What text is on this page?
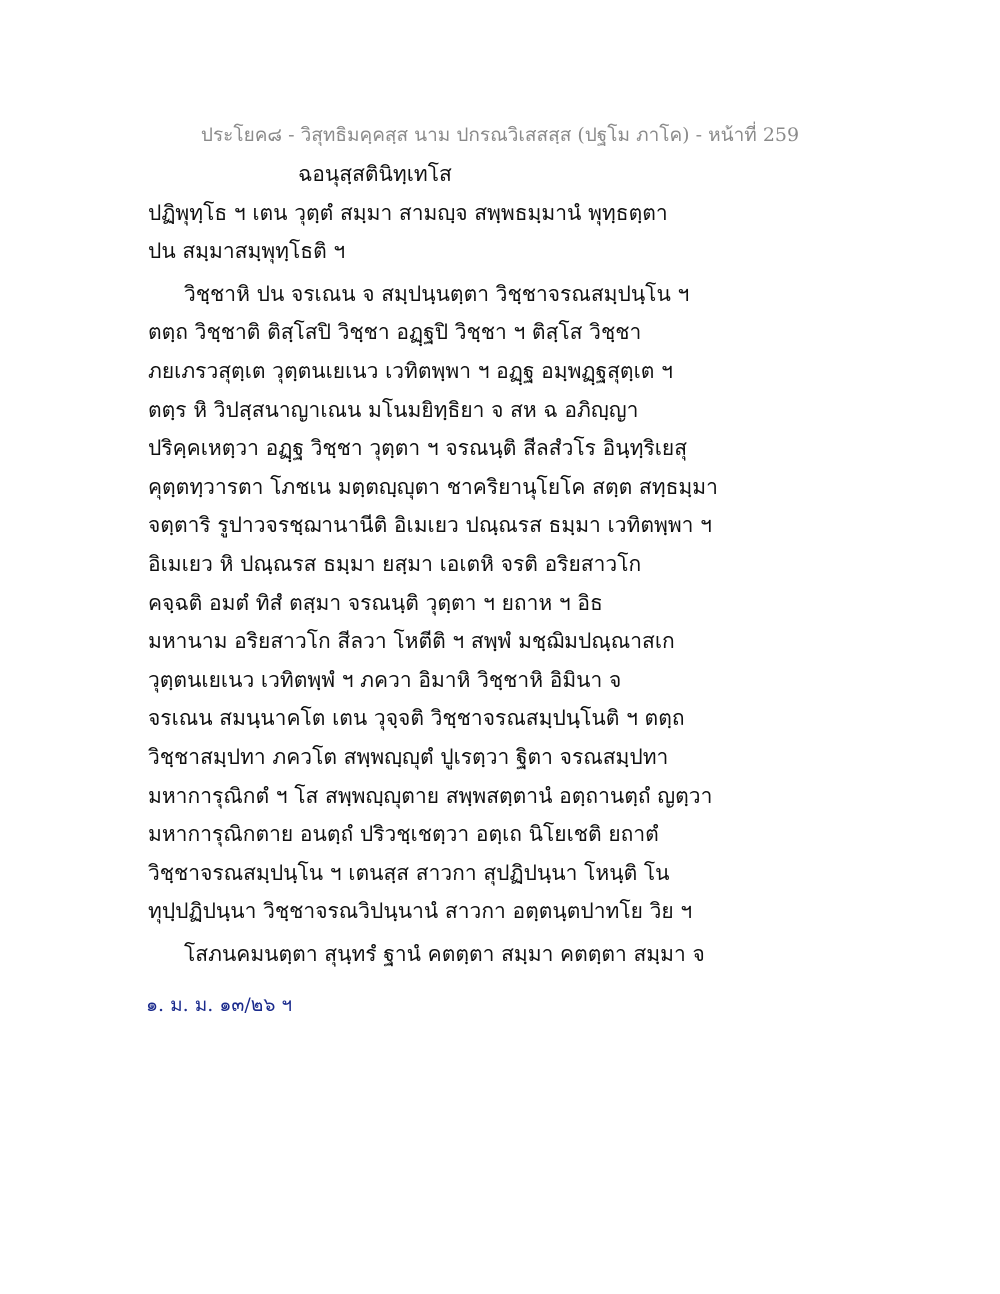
ประโยค๘ - วิสุทธิมคฺคสฺส นาม ปกรณวิเสสสฺส (ปฐโม ภาโค) - หน้าที่ 259
ฉอนุสฺสตินิทฺเทโส
ปฏิพุทฺโธ ฯ เตน วุตฺตํ สมฺมา สามญฺจ สพฺพธมฺมานํ พุทฺธตฺตา
ปน สมฺมาสมฺพุทฺโธติ ฯ
วิชฺชาหิ ปน จรเณน จ สมฺปนฺนตฺตา วิชฺชาจรณสมฺปนฺโน ฯ
ตตฺถ วิชฺชาติ ติสฺโสปิ วิชฺชา อฏฺฐปิ วิชฺชา ฯ ติสฺโส วิชฺชา
ภยเภรวสุตฺเต วุตฺตนเยเนว เวทิตพฺพา ฯ อฏฺฐ อมฺพฏฺฐสุตฺเต ฯ
ตตฺร หิ วิปสฺสนาญาเณน มโนมยิทฺธิยา จ สห ฉ อภิญฺญา
ปริคฺคเหตฺวา อฏฺฐ วิชฺชา วุตฺตา ฯ จรณนฺติ สีลสํวโร อินฺทฺริเยสุ
คุตฺตทฺวารตา โภชเน มตฺตญฺญุตา ชาคริยานุโยโค สตฺต สทฺธมฺมา
จตฺตาริ รูปาวจรชฺฌานานีติ อิเมเยว ปณฺณรส ธมฺมา เวทิตพฺพา ฯ
อิเมเยว หิ ปณฺณรส ธมฺมา ยสฺมา เอเตหิ จรติ อริยสาวโก
คจฺฉติ อมตํ ทิสํ ตสฺมา จรณนฺติ วุตฺตา ฯ ยถาห ฯ อิธ
มหานาม อริยสาวโก สีลวา โหตีติ ฯ สพฺพํ มชฺฌิมปณฺณาสเก
วุตฺตนเยเนว เวทิตพฺพํ ฯ ภควา อิมาหิ วิชฺชาหิ อิมินา จ
จรเณน สมนฺนาคโต เตน วุจฺจติ วิชฺชาจรณสมฺปนฺโนติ ฯ ตตฺถ
วิชฺชาสมฺปทา ภควโต สพฺพญฺญุตํ ปูเรตฺวา ฐิตา จรณสมฺปทา
มหาการุณิกตํ ฯ โส สพฺพญฺญุตาย สพฺพสตฺตานํ อตฺถานตฺถํ ญตฺวา
มหาการุณิกตาย อนตฺถํ ปริวชฺเชตฺวา อตฺเถ นิโยเชติ ยถาตํ
วิชฺชาจรณสมฺปนฺโน ฯ เตนสฺส สาวกา สุปฏิปนฺนา โหนฺติ โน
ทุปฺปฏิปนฺนา วิชฺชาจรณวิปนฺนานํ สาวกา อตฺตนฺตปาทโย วิย ฯ
โสภนคมนตฺตา สุนฺทรํ ฐานํ คตตฺตา สมฺมา คตตฺตา สมฺมา จ
๑. ม. ม. ๑๓/๒๖ ฯ
